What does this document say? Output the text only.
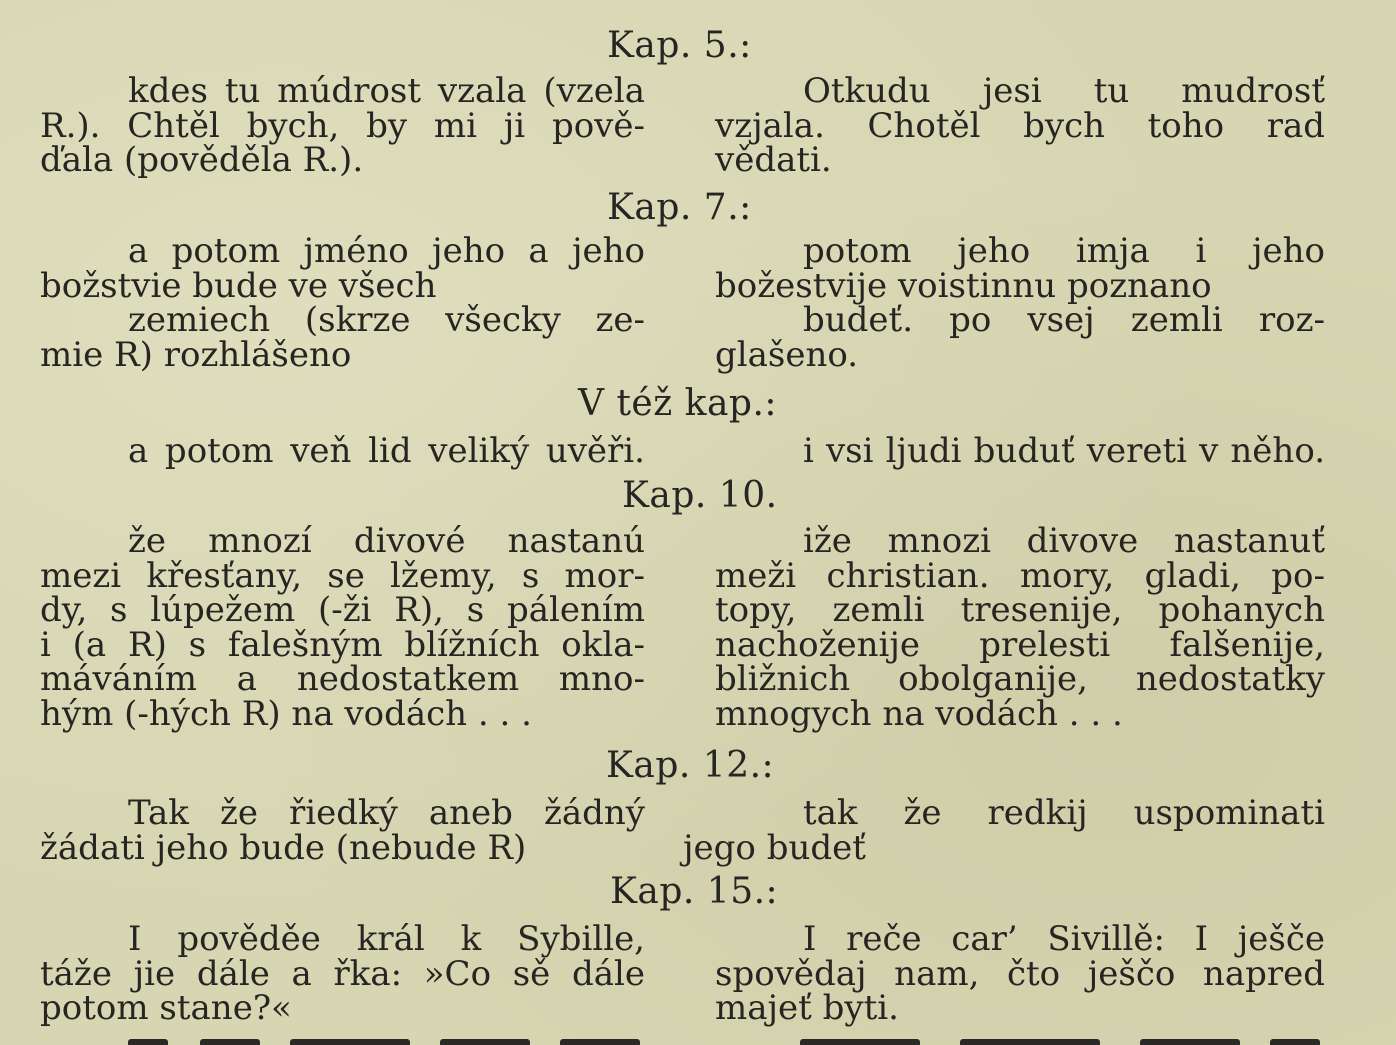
Kap. 5.:
kdes tu múdrost vzala (vzela
R.). Chtěl bych, by mi ji pově-
ďala (pověděla R.).
Otkudu jesi tu mudrosť
vzjala. Chotěl bych toho rad
vědati.
Kap. 7.:
a potom jméno jeho a jeho
božstvie bude ve všech
zemiech (skrze všecky ze-
mie R) rozhlášeno
potom jeho imja i jeho
božestvije voistinnu poznano
budeť. po vsej zemli roz-
glašeno.
V též kap.:
a potom veň lid veliký uvěři.	i vsi ljudi buduť vereti v něho.
Kap. 10.
že mnozí divové nastanú
mezi křesťany, se lžemy, s mor-
dy, s lúpežem (-ži R), s pálením
i (a R) s falešným blížních okla-
máváním a nedostatkem mno-
hým (-hých R) na vodách . . .
iže mnozi divove nastanuť
meži christian. mory, gladi, po-
topy, zemli tresenije, pohanych
nachoženije prelesti falšenije,
bližnich obolganije, nedostatky
mnogych na vodách . . .
Kap. 12.:
Tak že řiedký aneb žádný
žádati jeho bude (nebude R)
tak že redkij uspominati
jego budeť
Kap. 15.:
I pověděe král k Sybille,
táže jie dále a řka: »Co sě dále
potom stane?«
I reče car’ Sivillě: I ješče
spovědaj nam, čto ješčo napred
majeť byti.
